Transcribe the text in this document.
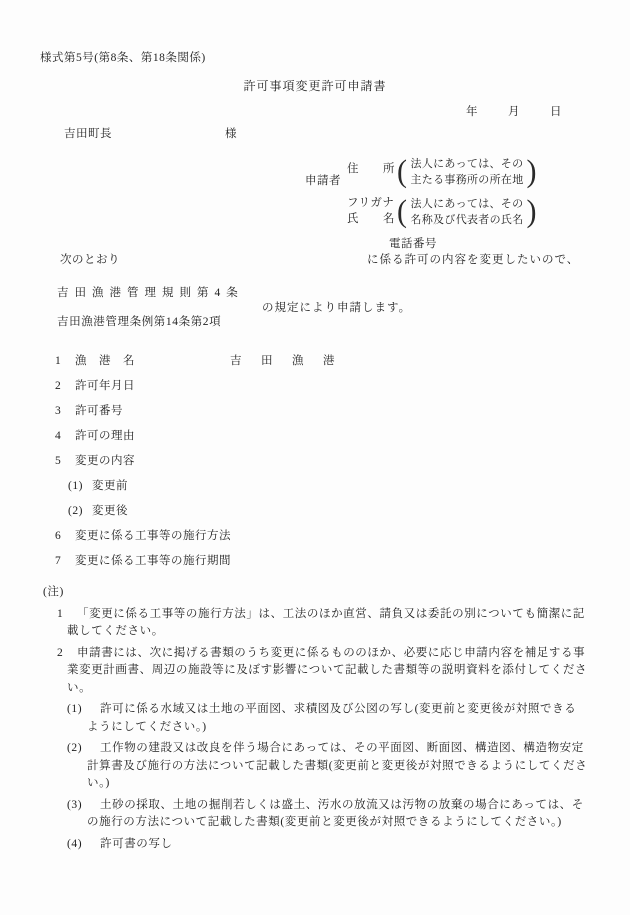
様式第5号(第8条、第18条関係)
許可事項変更許可申請書
年　　月　　日
吉田町長	様
申請者
住　　所 ( 法人にあっては、その
主たる事務所の所在地 )
フリガナ
氏　　名 ( 法人にあっては、その
名称及び代表者の氏名 )
電話番号
次のとおり	に係る許可の内容を変更したいので、
吉田漁港管理規則第4条
の規定により申請します。
吉田漁港管理条例第14条第2項
1 漁　港　名	吉　田　漁　港
2 許可年月日
3 許可番号
4 許可の理由
5 変更の内容
(1) 変更前
(2) 変更後
6 変更に係る工事等の施行方法
7 変更に係る工事等の施行期間
(注)
1 「変更に係る工事等の施行方法」は、工法のほか直営、請負又は委託の別についても簡潔に記載してください。
2 申請書には、次に掲げる書類のうち変更に係るもののほか、必要に応じ申請内容を補足する事業変更計画書、周辺の施設等に及ぼす影響について記載した書類等の説明資料を添付してください。
(1) 許可に係る水域又は土地の平面図、求積図及び公図の写し(変更前と変更後が対照できるようにしてください。)
(2) 工作物の建設又は改良を伴う場合にあっては、その平面図、断面図、構造図、構造物安定計算書及び施行の方法について記載した書類(変更前と変更後が対照できるようにしてください。)
(3) 土砂の採取、土地の掘削若しくは盛土、汚水の放流又は汚物の放棄の場合にあっては、その施行の方法について記載した書類(変更前と変更後が対照できるようにしてください。)
(4) 許可書の写し
